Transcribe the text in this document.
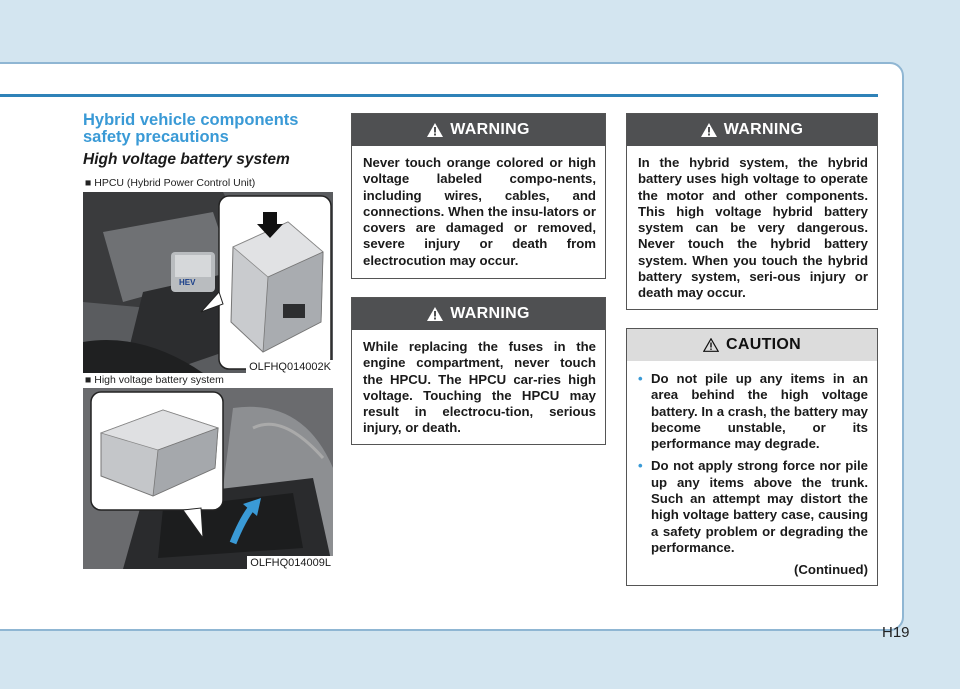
Hybrid vehicle components safety precautions
High voltage battery system
■ HPCU (Hybrid Power Control Unit)
HEV
OLFHQ014002K
■ High voltage battery system
OLFHQ014009L
WARNING
Never touch orange colored or high voltage labeled compo-nents, including wires, cables, and connections. When the insu-lators or covers are damaged or removed, severe injury or death from electrocution may occur.
WARNING
While replacing the fuses in the engine compartment, never touch the HPCU. The HPCU car-ries high voltage. Touching the HPCU may result in electrocu-tion, serious injury, or death.
WARNING
In the hybrid system, the hybrid battery uses high voltage to operate the motor and other components. This high voltage hybrid battery system can be very dangerous. Never touch the hybrid battery system. When you touch the hybrid battery system, seri-ous injury or death may occur.
CAUTION
• Do not pile up any items in an area behind the high voltage battery. In a crash, the battery may become unstable, or its performance may degrade.
• Do not apply strong force nor pile up any items above the trunk. Such an attempt may distort the high voltage battery case, causing a safety problem or degrading the performance.
(Continued)
H19
